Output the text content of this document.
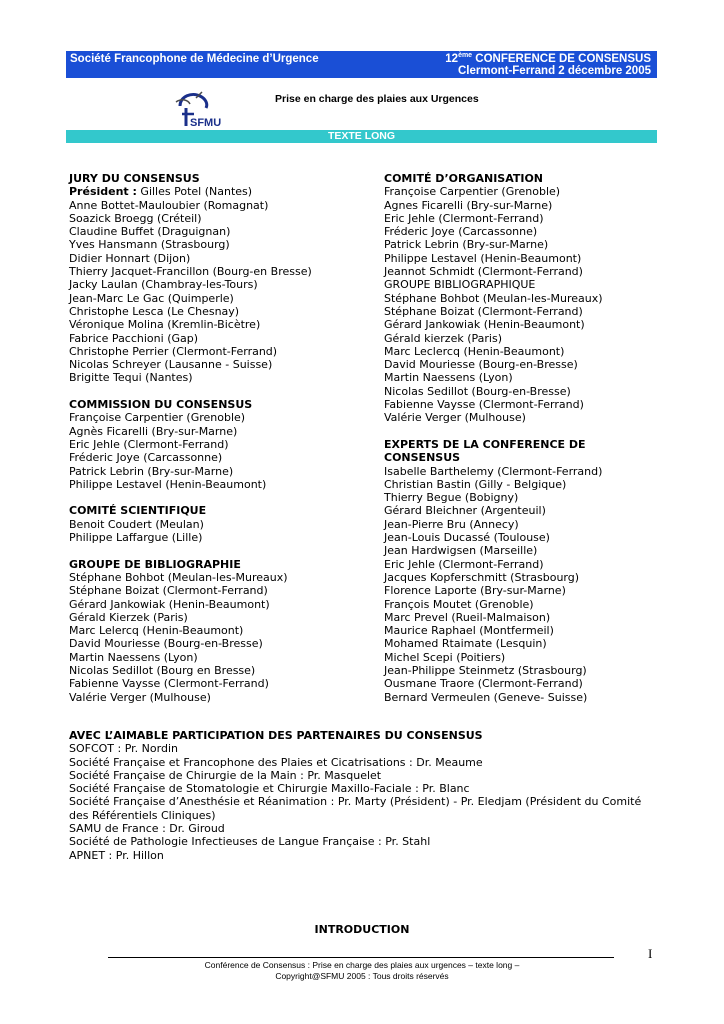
Société Francophone de Médecine d’Urgence	12ème CONFERENCE DE CONSENSUS
Clermont-Ferrand 2 décembre 2005
SFMU
Prise en charge des plaies aux Urgences
TEXTE LONG
JURY DU CONSENSUS
Président : Gilles Potel (Nantes)
Anne Bottet-Mauloubier (Romagnat)
Soazick Broegg (Créteil)
Claudine Buffet (Draguignan)
Yves Hansmann (Strasbourg)
Didier Honnart (Dijon)
Thierry Jacquet-Francillon (Bourg-en Bresse)
Jacky Laulan (Chambray-les-Tours)
Jean-Marc Le Gac (Quimperle)
Christophe Lesca (Le Chesnay)
Véronique Molina (Kremlin-Bicètre)
Fabrice Pacchioni (Gap)
Christophe Perrier (Clermont-Ferrand)
Nicolas Schreyer (Lausanne - Suisse)
Brigitte Tequi (Nantes)
COMMISSION DU CONSENSUS
Françoise Carpentier (Grenoble)
Agnès Ficarelli (Bry-sur-Marne)
Eric Jehle (Clermont-Ferrand)
Fréderic Joye (Carcassonne)
Patrick Lebrin (Bry-sur-Marne)
Philippe Lestavel (Henin-Beaumont)
COMITÉ SCIENTIFIQUE
Benoit Coudert (Meulan)
Philippe Laffargue (Lille)
GROUPE DE BIBLIOGRAPHIE
Stéphane Bohbot (Meulan-les-Mureaux)
Stéphane Boizat (Clermont-Ferrand)
Gérard Jankowiak (Henin-Beaumont)
Gérald Kierzek (Paris)
Marc Lelercq (Henin-Beaumont)
David Mouriesse (Bourg-en-Bresse)
Martin Naessens (Lyon)
Nicolas Sedillot (Bourg en Bresse)
Fabienne Vaysse (Clermont-Ferrand)
Valérie Verger (Mulhouse)
COMITÉ D’ORGANISATION
Françoise Carpentier (Grenoble)
Agnes Ficarelli (Bry-sur-Marne)
Eric Jehle (Clermont-Ferrand)
Fréderic Joye (Carcassonne)
Patrick Lebrin (Bry-sur-Marne)
Philippe Lestavel (Henin-Beaumont)
Jeannot Schmidt (Clermont-Ferrand)
GROUPE BIBLIOGRAPHIQUE
Stéphane Bohbot (Meulan-les-Mureaux)
Stéphane Boizat (Clermont-Ferrand)
Gérard Jankowiak (Henin-Beaumont)
Gérald kierzek (Paris)
Marc Leclercq (Henin-Beaumont)
David Mouriesse (Bourg-en-Bresse)
Martin Naessens (Lyon)
Nicolas Sedillot (Bourg-en-Bresse)
Fabienne Vaysse (Clermont-Ferrand)
Valérie Verger (Mulhouse)
EXPERTS DE LA CONFERENCE DE
CONSENSUS
Isabelle Barthelemy (Clermont-Ferrand)
Christian Bastin (Gilly - Belgique)
Thierry Begue (Bobigny)
Gérard Bleichner (Argenteuil)
Jean-Pierre Bru (Annecy)
Jean-Louis Ducassé (Toulouse)
Jean Hardwigsen (Marseille)
Eric Jehle (Clermont-Ferrand)
Jacques Kopferschmitt (Strasbourg)
Florence Laporte (Bry-sur-Marne)
François Moutet (Grenoble)
Marc Prevel (Rueil-Malmaison)
Maurice Raphael (Montfermeil)
Mohamed Rtaimate (Lesquin)
Michel Scepi (Poitiers)
Jean-Philippe Steinmetz (Strasbourg)
Ousmane Traore (Clermont-Ferrand)
Bernard Vermeulen (Geneve- Suisse)
AVEC L’AIMABLE PARTICIPATION DES PARTENAIRES DU CONSENSUS
SOFCOT : Pr. Nordin
Société Française et Francophone des Plaies et Cicatrisations : Dr. Meaume
Société Française de Chirurgie de la Main : Pr. Masquelet
Société Française de Stomatologie et Chirurgie Maxillo-Faciale : Pr. Blanc
Société Française d’Anesthésie et Réanimation : Pr. Marty (Président) - Pr. Eledjam (Président du Comité
des Référentiels Cliniques)
SAMU de France : Dr. Giroud
Société de Pathologie Infectieuses de Langue Française : Pr. Stahl
APNET : Pr. Hillon
INTRODUCTION
I
Conférence de Consensus : Prise en charge des plaies aux urgences – texte long –
Copyright@SFMU 2005 : Tous droits réservés
